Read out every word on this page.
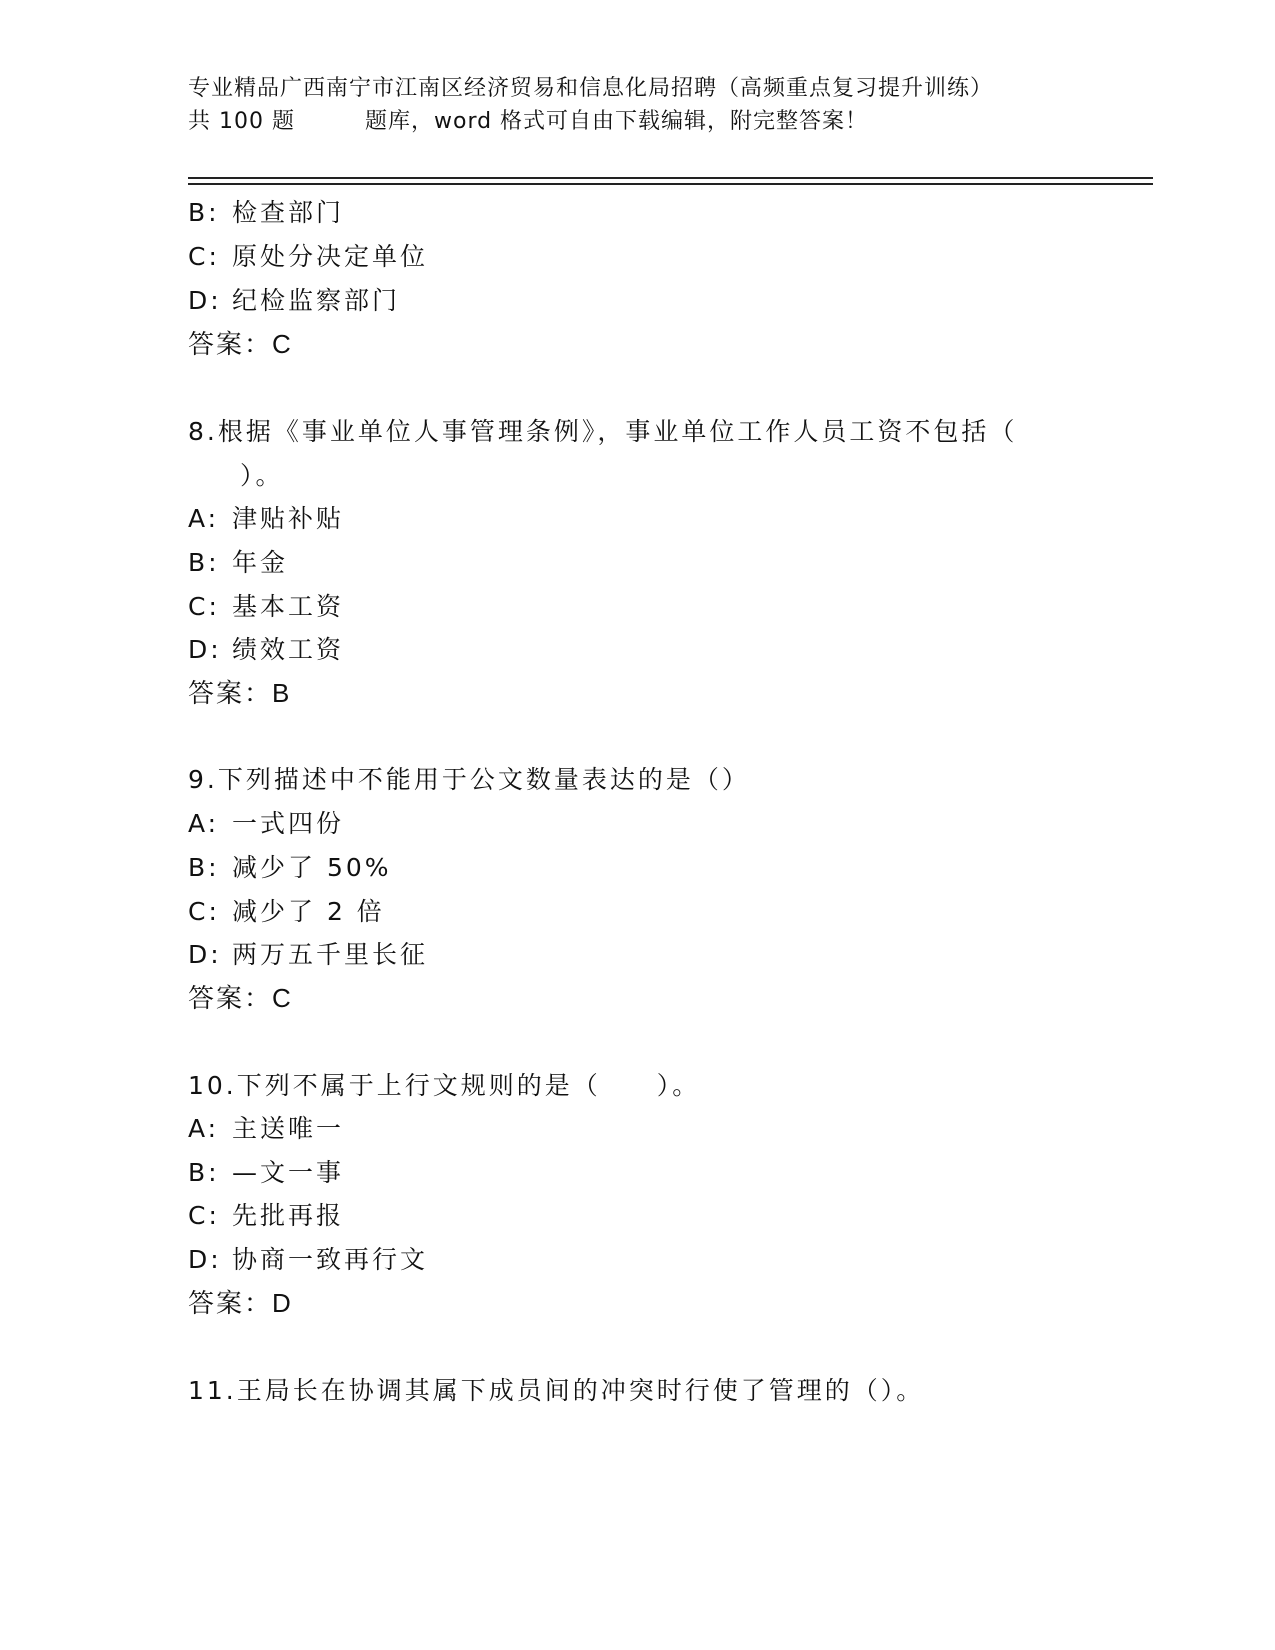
专业精品广西南宁市江南区经济贸易和信息化局招聘（高频重点复习提升训练）
共 100 题	题库，word 格式可自由下载编辑，附完整答案！
B: 检查部门
C: 原处分决定单位
D: 纪检监察部门
答案：C
8.根据《事业单位人事管理条例》，事业单位工作人员工资不包括（
）。
A: 津贴补贴
B: 年金
C: 基本工资
D: 绩效工资
答案：B
9.下列描述中不能用于公文数量表达的是（）
A: 一式四份
B: 减少了 50%
C: 减少了 2 倍
D: 两万五千里长征
答案：C
10.下列不属于上行文规则的是（　　）。
A: 主送唯一
B: —文一事
C: 先批再报
D: 协商一致再行文
答案：D
11.王局长在协调其属下成员间的冲突时行使了管理的（）。
